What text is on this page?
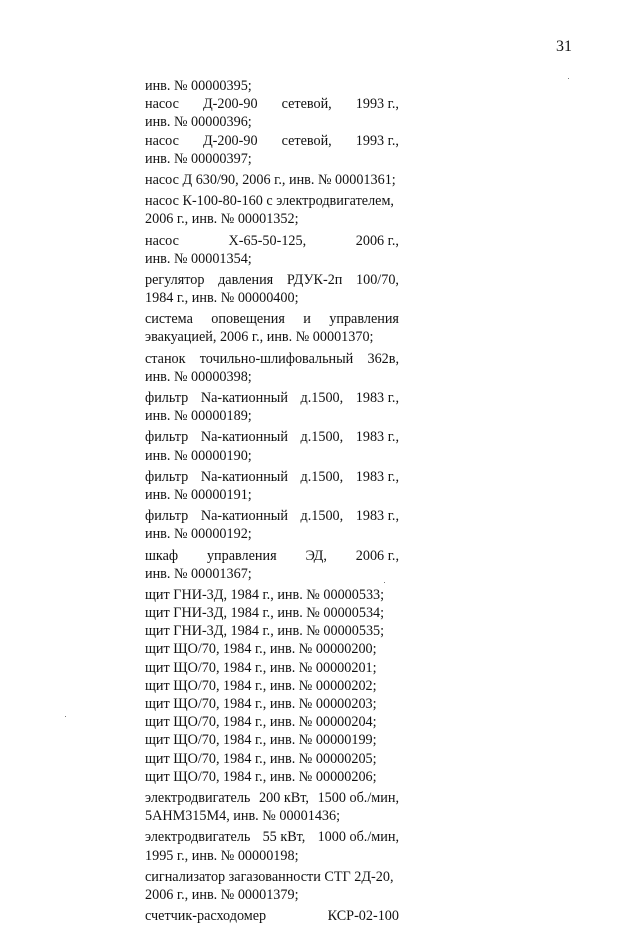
31
инв. № 00000395;
насос Д-200-90 сетевой, 1993 г.,
инв. № 00000396;
насос Д-200-90 сетевой, 1993 г.,
инв. № 00000397;
насос Д 630/90, 2006 г., инв. № 00001361;
насос К-100-80-160 с электродвигателем,
2006 г., инв. № 00001352;
насос	Х-65-50-125,	2006 г.,
инв. № 00001354;
регулятор давления РДУК-2п 100/70,
1984 г., инв. № 00000400;
система оповещения и управления
эвакуацией, 2006 г., инв. № 00001370;
станок точильно-шлифовальный 362в,
инв. № 00000398;
фильтр Na-катионный д.1500, 1983 г.,
инв. № 00000189;
фильтр Na-катионный д.1500, 1983 г.,
инв. № 00000190;
фильтр Na-катионный д.1500, 1983 г.,
инв. № 00000191;
фильтр Na-катионный д.1500, 1983 г.,
инв. № 00000192;
шкаф управления ЭД, 2006 г.,
инв. № 00001367;
щит ГНИ-3Д, 1984 г., инв. № 00000533;
щит ГНИ-3Д, 1984 г., инв. № 00000534;
щит ГНИ-3Д, 1984 г., инв. № 00000535;
щит ЩО/70, 1984 г., инв. № 00000200;
щит ЩО/70, 1984 г., инв. № 00000201;
щит ЩО/70, 1984 г., инв. № 00000202;
щит ЩО/70, 1984 г., инв. № 00000203;
щит ЩО/70, 1984 г., инв. № 00000204;
щит ЩО/70, 1984 г., инв. № 00000199;
щит ЩО/70, 1984 г., инв. № 00000205;
щит ЩО/70, 1984 г., инв. № 00000206;
электродвигатель 200 кВт, 1500 об./мин,
5АНМ315М4, инв. № 00001436;
электродвигатель 55 кВт, 1000 об./мин,
1995 г., инв. № 00000198;
сигнализатор загазованности СТГ 2Д-20,
2006 г., инв. № 00001379;
счетчик-расходомер	КСР-02-100
